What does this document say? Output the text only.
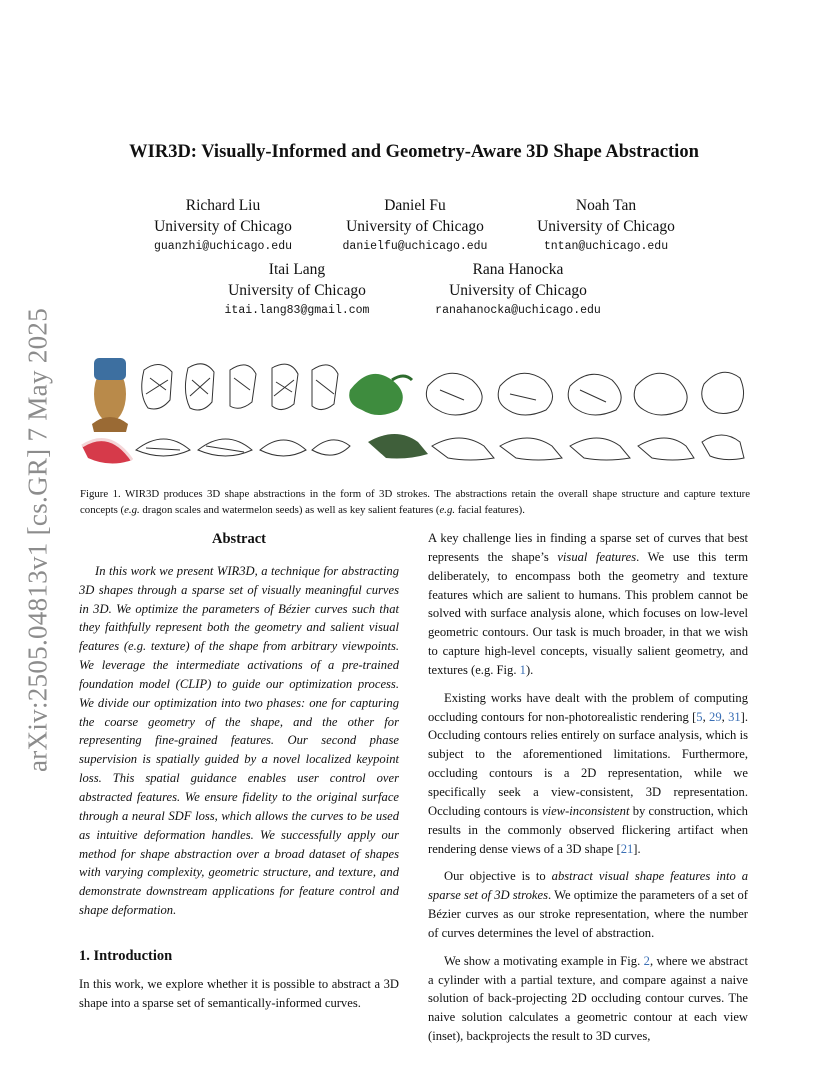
arXiv:2505.04813v1 [cs.GR] 7 May 2025
WIR3D: Visually-Informed and Geometry-Aware 3D Shape Abstraction
Richard Liu
University of Chicago
guanzhi@uchicago.edu
Daniel Fu
University of Chicago
danielfu@uchicago.edu
Noah Tan
University of Chicago
tntan@uchicago.edu
Itai Lang
University of Chicago
itai.lang83@gmail.com
Rana Hanocka
University of Chicago
ranahanocka@uchicago.edu
Figure 1. WIR3D produces 3D shape abstractions in the form of 3D strokes. The abstractions retain the overall shape structure and capture texture concepts (e.g. dragon scales and watermelon seeds) as well as key salient features (e.g. facial features).
Abstract

In this work we present WIR3D, a technique for abstracting 3D shapes through a sparse set of visually meaningful curves in 3D. We optimize the parameters of Bézier curves such that they faithfully represent both the geometry and salient visual features (e.g. texture) of the shape from arbitrary viewpoints. We leverage the intermediate activations of a pre-trained foundation model (CLIP) to guide our optimization process. We divide our optimization into two phases: one for capturing the coarse geometry of the shape, and the other for representing fine-grained features. Our second phase supervision is spatially guided by a novel localized keypoint loss. This spatial guidance enables user control over abstracted features. We ensure fidelity to the original surface through a neural SDF loss, which allows the curves to be used as intuitive deformation handles. We successfully apply our method for shape abstraction over a broad dataset of shapes with varying complexity, geometric structure, and texture, and demonstrate downstream applications for feature control and shape deformation.

1. Introduction

In this work, we explore whether it is possible to abstract a 3D shape into a sparse set of semantically-informed curves.

A key challenge lies in finding a sparse set of curves that best represents the shape’s visual features. We use this term deliberately, to encompass both the geometry and texture features which are salient to humans. This problem cannot be solved with surface analysis alone, which focuses on low-level geometric contours. Our task is much broader, in that we wish to capture high-level concepts, visually salient geometry, and textures (e.g. Fig. 1).

Existing works have dealt with the problem of computing occluding contours for non-photorealistic rendering [5, 29, 31]. Occluding contours relies entirely on surface analysis, which is subject to the aforementioned limitations. Furthermore, occluding contours is a 2D representation, while we specifically seek a view-consistent, 3D representation. Occluding contours is view-inconsistent by construction, which results in the commonly observed flickering artifact when rendering dense views of a 3D shape [21].

Our objective is to abstract visual shape features into a sparse set of 3D strokes. We optimize the parameters of a set of Bézier curves as our stroke representation, where the number of curves determines the level of abstraction.

We show a motivating example in Fig. 2, where we abstract a cylinder with a partial texture, and compare against a naive solution of back-projecting 2D occluding contour curves. The naive solution calculates a geometric contour at each view (inset), backprojects the result to 3D curves,
